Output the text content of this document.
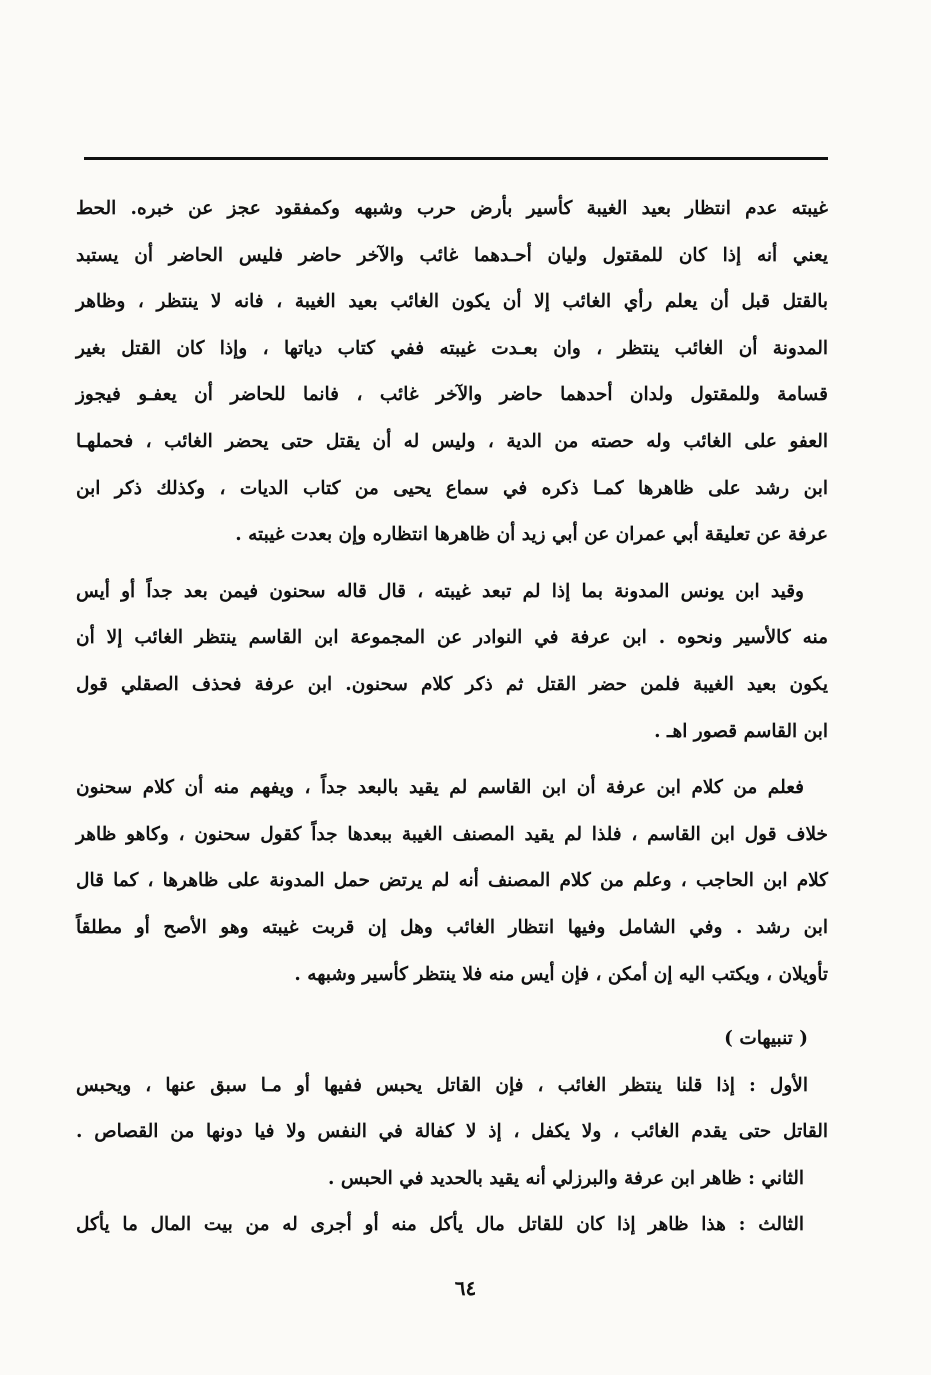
غيبته عدم انتظار بعيد الغيبة كأسير بأرض حرب وشبهه وكمفقود عجز عن خبره. الحط
يعني أنه إذا كان للمقتول وليان أحـدهما غائب والآخر حاضر فليس الحاضر أن يستبد
بالقتل قبل أن يعلم رأي الغائب إلا أن يكون الغائب بعيد الغيبة ، فانه لا ينتظر ، وظاهر
المدونة أن الغائب ينتظر ، وان بعـدت غيبته ففي كتاب دياتها ، وإذا كان القتل بغير
قسامة وللمقتول ولدان أحدهما حاضر والآخر غائب ، فانما للحاضر أن يعفـو فيجوز
العفو على الغائب وله حصته من الدية ، وليس له أن يقتل حتى يحضر الغائب ، فحملهـا
ابن رشد على ظاهرها كمـا ذكره في سماع يحيى من كتاب الديات ، وكذلك ذكر ابن
عرفة عن تعليقة أبي عمران عن أبي زيد أن ظاهرها انتظاره وإن بعدت غيبته .

وقيد ابن يونس المدونة بما إذا لم تبعد غيبته ، قال قاله سحنون فيمن بعد جداً أو أيس
منه كالأسير ونحوه . ابن عرفة في النوادر عن المجموعة ابن القاسم ينتظر الغائب إلا أن
يكون بعيد الغيبة فلمن حضر القتل ثم ذكر كلام سحنون. ابن عرفة فحذف الصقلي قول
ابن القاسم قصور اهـ .

فعلم من كلام ابن عرفة أن ابن القاسم لم يقيد بالبعد جداً ، ويفهم منه أن كلام سحنون
خلاف قول ابن القاسم ، فلذا لم يقيد المصنف الغيبة ببعدها جداً كقول سحنون ، وكاهو ظاهر
كلام ابن الحاجب ، وعلم من كلام المصنف أنه لم يرتض حمل المدونة على ظاهرها ، كما قال
ابن رشد . وفي الشامل وفيها انتظار الغائب وهل إن قربت غيبته وهو الأصح أو مطلقاً
تأويلان ، ويكتب اليه إن أمكن ، فإن أيس منه فلا ينتظر كأسير وشبهه .

( تنبيهات )

الأول : إذا قلنا ينتظر الغائب ، فإن القاتل يحبس ففيها أو مـا سبق عنها ، ويحبس
القاتل حتى يقدم الغائب ، ولا يكفل ، إذ لا كفالة في النفس ولا فيا دونها من القصاص .

الثاني : ظاهر ابن عرفة والبرزلي أنه يقيد بالحديد في الحبس .

الثالث : هذا ظاهر إذا كان للقاتل مال يأكل منه أو أجرى له من بيت المال ما يأكل

٦٤
